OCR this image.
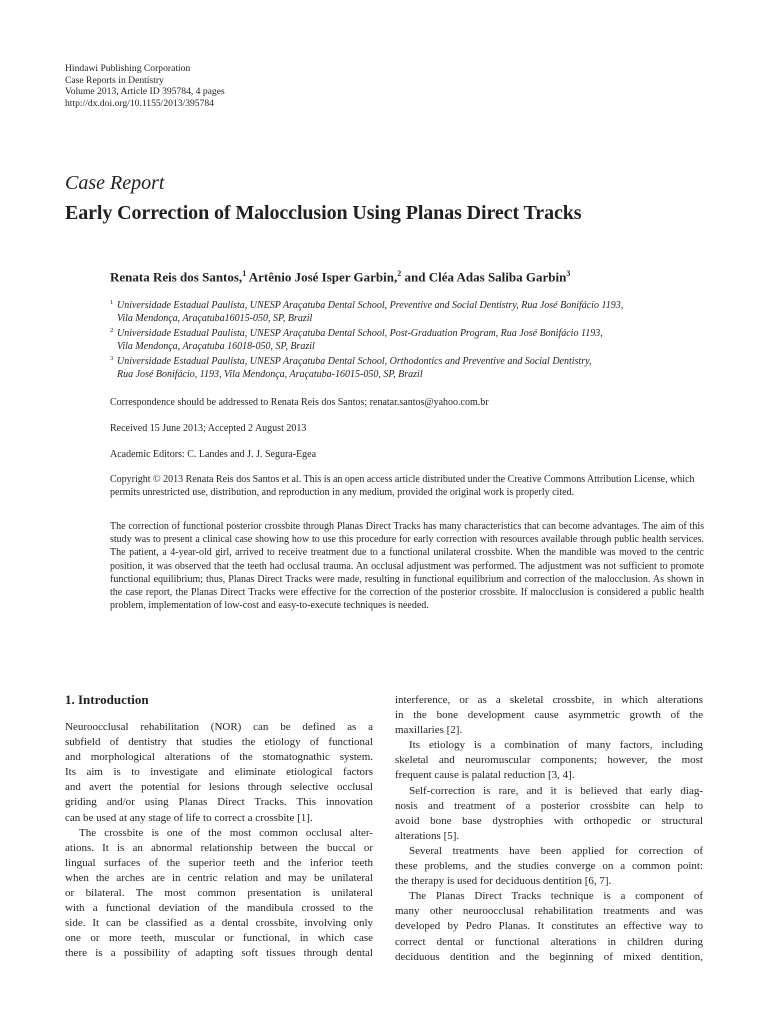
Hindawi Publishing Corporation
Case Reports in Dentistry
Volume 2013, Article ID 395784, 4 pages
http://dx.doi.org/10.1155/2013/395784
Case Report
Early Correction of Malocclusion Using Planas Direct Tracks
Renata Reis dos Santos,$^1$ Artênio José Isper Garbin,$^2$ and Cléa Adas Saliba Garbin$^3$
1 Universidade Estadual Paulista, UNESP Araçatuba Dental School, Preventive and Social Dentistry, Rua José Bonifácio 1193,
Vila Mendonça, Araçatuba16015-050, SP, Brazil
2 Universidade Estadual Paulista, UNESP Araçatuba Dental School, Post-Graduation Program, Rua José Bonifácio 1193,
Vila Mendonça, Araçatuba 16018-050, SP, Brazil
3 Universidade Estadual Paulista, UNESP Araçatuba Dental School, Orthodontics and Preventive and Social Dentistry,
Rua José Bonifácio, 1193, Vila Mendonça, Araçatuba-16015-050, SP, Brazil
Correspondence should be addressed to Renata Reis dos Santos; renatar.santos@yahoo.com.br
Received 15 June 2013; Accepted 2 August 2013
Academic Editors: C. Landes and J. J. Segura-Egea
Copyright © 2013 Renata Reis dos Santos et al. This is an open access article distributed under the Creative Commons Attribution License, which permits unrestricted use, distribution, and reproduction in any medium, provided the original work is properly cited.
The correction of functional posterior crossbite through Planas Direct Tracks has many characteristics that can become advantages. The aim of this study was to present a clinical case showing how to use this procedure for early correction with resources available through public health services. The patient, a 4-year-old girl, arrived to receive treatment due to a functional unilateral crossbite. When the mandible was moved to the centric position, it was observed that the teeth had occlusal trauma. An occlusal adjustment was performed. The adjustment was not sufficient to promote functional equilibrium; thus, Planas Direct Tracks were made, resulting in functional equilibrium and correction of the malocclusion. As shown in the case report, the Planas Direct Tracks were effective for the correction of the posterior crossbite. If malocclusion is considered a public health problem, implementation of low-cost and easy-to-execute techniques is needed.
1. Introduction
Neuroocclusal rehabilitation (NOR) can be defined as a
subfield of dentistry that studies the etiology of functional
and morphological alterations of the stomatognathic system.
Its aim is to investigate and eliminate etiological factors
and avert the potential for lesions through selective occlusal
griding and/or using Planas Direct Tracks. This innovation
can be used at any stage of life to correct a crossbite [1].
The crossbite is one of the most common occlusal alter-
ations. It is an abnormal relationship between the buccal or
lingual surfaces of the superior teeth and the inferior teeth
when the arches are in centric relation and may be unilateral
or bilateral. The most common presentation is unilateral
with a functional deviation of the mandibula crossed to the
side. It can be classified as a dental crossbite, involving only
one or more teeth, muscular or functional, in which case
there is a possibility of adapting soft tissues through dental
interference, or as a skeletal crossbite, in which alterations
in the bone development cause asymmetric growth of the
maxillaries [2].
Its etiology is a combination of many factors, including
skeletal and neuromuscular components; however, the most
frequent cause is palatal reduction [3, 4].
Self-correction is rare, and it is believed that early diag-
nosis and treatment of a posterior crossbite can help to
avoid bone base dystrophies with orthopedic or structural
alterations [5].
Several treatments have been applied for correction of
these problems, and the studies converge on a common point:
the therapy is used for deciduous dentition [6, 7].
The Planas Direct Tracks technique is a component of
many other neuroocclusal rehabilitation treatments and was
developed by Pedro Planas. It constitutes an effective way to
correct dental or functional alterations in children during
deciduous dentition and the beginning of mixed dentition,
